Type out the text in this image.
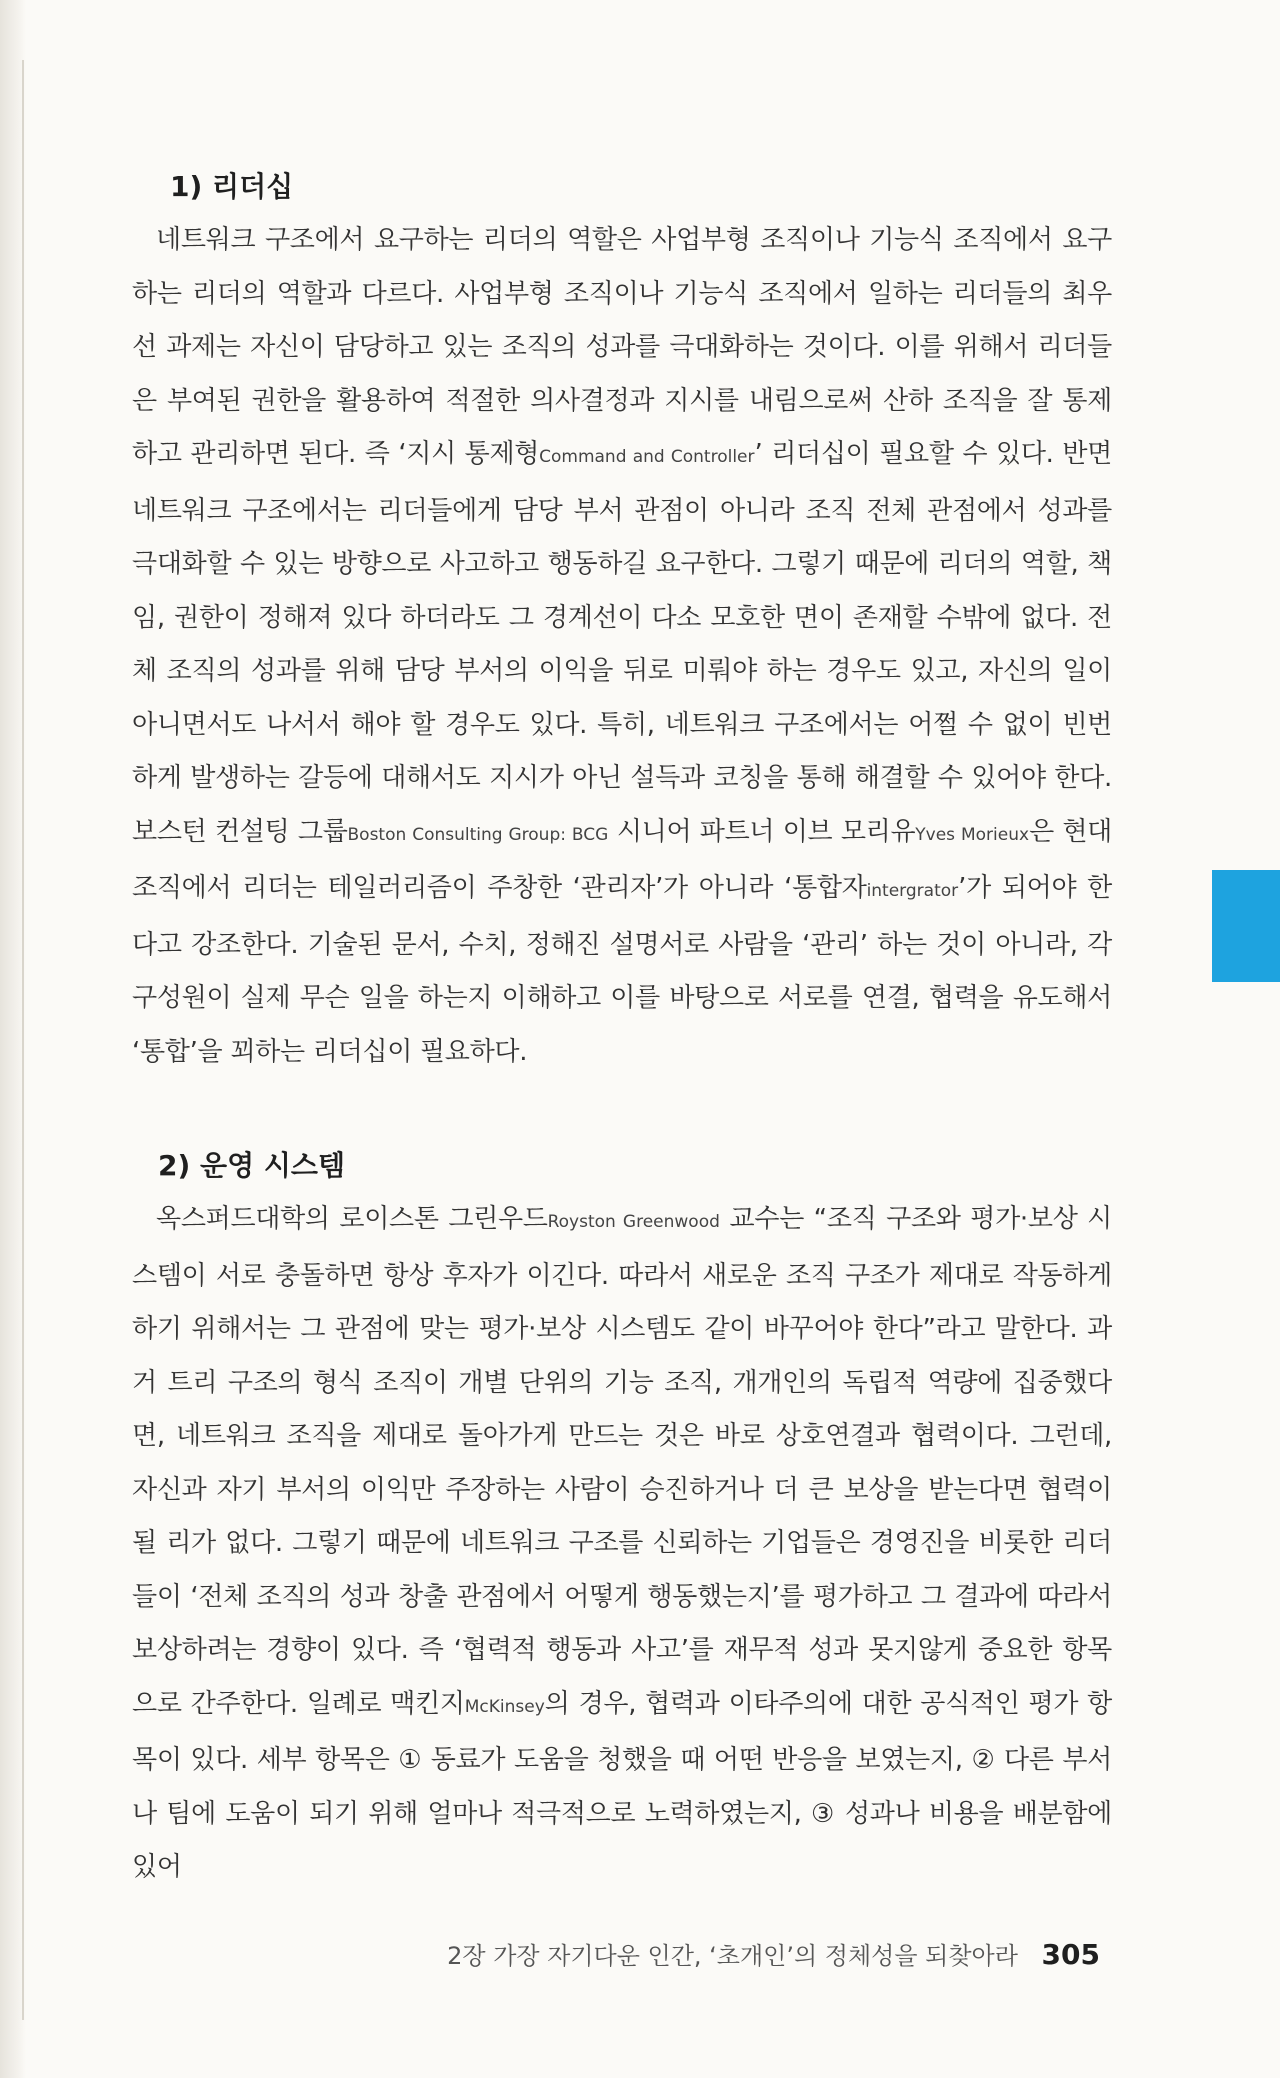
1) 리더십

네트워크 구조에서 요구하는 리더의 역할은 사업부형 조직이나 기능식 조직에서 요구하는 리더의 역할과 다르다. 사업부형 조직이나 기능식 조직에서 일하는 리더들의 최우선 과제는 자신이 담당하고 있는 조직의 성과를 극대화하는 것이다. 이를 위해서 리더들은 부여된 권한을 활용하여 적절한 의사결정과 지시를 내림으로써 산하 조직을 잘 통제하고 관리하면 된다. 즉 ‘지시 통제형Command and Controller’ 리더십이 필요할 수 있다. 반면 네트워크 구조에서는 리더들에게 담당 부서 관점이 아니라 조직 전체 관점에서 성과를 극대화할 수 있는 방향으로 사고하고 행동하길 요구한다. 그렇기 때문에 리더의 역할, 책임, 권한이 정해져 있다 하더라도 그 경계선이 다소 모호한 면이 존재할 수밖에 없다. 전체 조직의 성과를 위해 담당 부서의 이익을 뒤로 미뤄야 하는 경우도 있고, 자신의 일이 아니면서도 나서서 해야 할 경우도 있다. 특히, 네트워크 구조에서는 어쩔 수 없이 빈번하게 발생하는 갈등에 대해서도 지시가 아닌 설득과 코칭을 통해 해결할 수 있어야 한다. 보스턴 컨설팅 그룹Boston Consulting Group: BCG 시니어 파트너 이브 모리유Yves Morieux은 현대 조직에서 리더는 테일러리즘이 주창한 ‘관리자’가 아니라 ‘통합자intergrator’가 되어야 한다고 강조한다. 기술된 문서, 수치, 정해진 설명서로 사람을 ‘관리’ 하는 것이 아니라, 각 구성원이 실제 무슨 일을 하는지 이해하고 이를 바탕으로 서로를 연결, 협력을 유도해서 ‘통합’을 꾀하는 리더십이 필요하다.

2) 운영 시스템

옥스퍼드대학의 로이스톤 그린우드Royston Greenwood 교수는 “조직 구조와 평가·보상 시스템이 서로 충돌하면 항상 후자가 이긴다. 따라서 새로운 조직 구조가 제대로 작동하게 하기 위해서는 그 관점에 맞는 평가·보상 시스템도 같이 바꾸어야 한다”라고 말한다. 과거 트리 구조의 형식 조직이 개별 단위의 기능 조직, 개개인의 독립적 역량에 집중했다면, 네트워크 조직을 제대로 돌아가게 만드는 것은 바로 상호연결과 협력이다. 그런데, 자신과 자기 부서의 이익만 주장하는 사람이 승진하거나 더 큰 보상을 받는다면 협력이 될 리가 없다. 그렇기 때문에 네트워크 구조를 신뢰하는 기업들은 경영진을 비롯한 리더들이 ‘전체 조직의 성과 창출 관점에서 어떻게 행동했는지’를 평가하고 그 결과에 따라서 보상하려는 경향이 있다. 즉 ‘협력적 행동과 사고’를 재무적 성과 못지않게 중요한 항목으로 간주한다. 일례로 맥킨지McKinsey의 경우, 협력과 이타주의에 대한 공식적인 평가 항목이 있다. 세부 항목은 ① 동료가 도움을 청했을 때 어떤 반응을 보였는지, ② 다른 부서나 팀에 도움이 되기 위해 얼마나 적극적으로 노력하였는지, ③ 성과나 비용을 배분함에 있어

2장 가장 자기다운 인간, ‘초개인’의 정체성을 되찾아라 305
